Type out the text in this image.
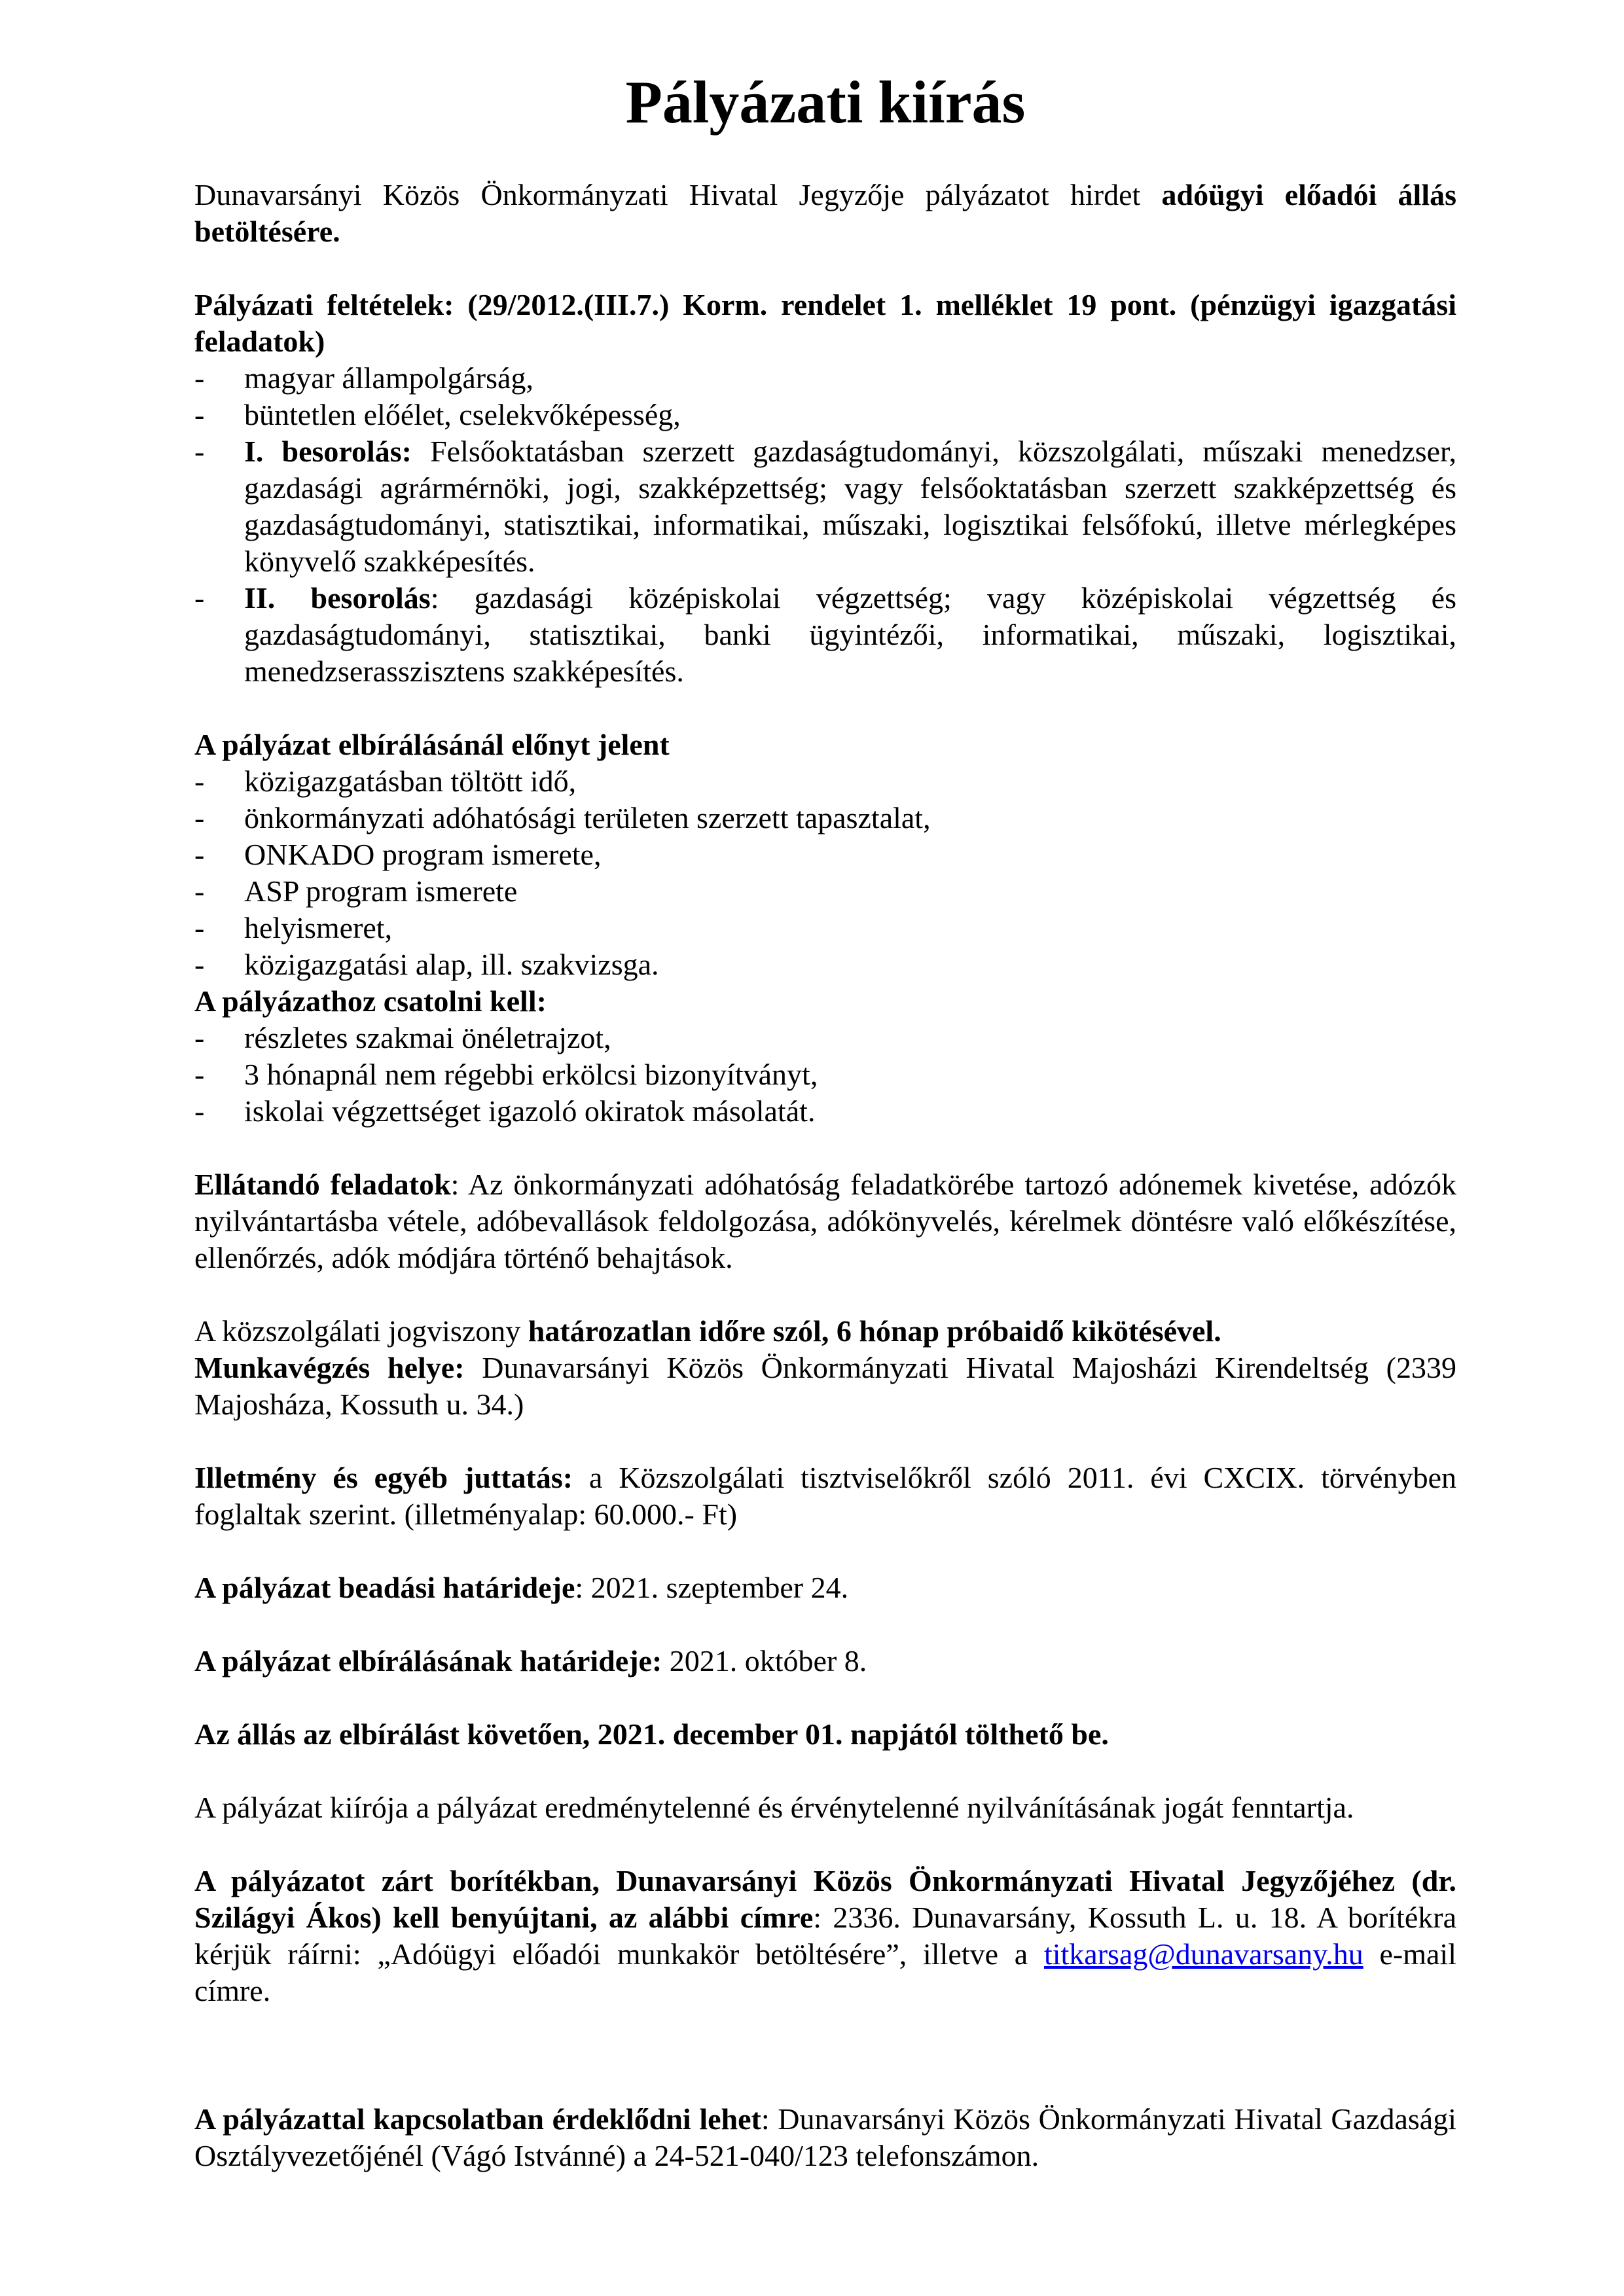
Pályázati kiírás

Dunavarsányi Közös Önkormányzati Hivatal Jegyzője pályázatot hirdet adóügyi előadói állás betöltésére.

Pályázati feltételek: (29/2012.(III.7.) Korm. rendelet 1. melléklet 19 pont. (pénzügyi igazgatási feladatok)

-	magyar állampolgárság,
-	büntetlen előélet, cselekvőképesség,
-	I. besorolás: Felsőoktatásban szerzett gazdaságtudományi, közszolgálati, műszaki menedzser, gazdasági agrármérnöki, jogi, szakképzettség; vagy felsőoktatásban szerzett szakképzettség és gazdaságtudományi, statisztikai, informatikai, műszaki, logisztikai felsőfokú, illetve mérlegképes könyvelő szakképesítés.
-	II. besorolás: gazdasági középiskolai végzettség; vagy középiskolai végzettség és gazdaságtudományi, statisztikai, banki ügyintézői, informatikai, műszaki, logisztikai, menedzserasszisztens szakképesítés.

A pályázat elbírálásánál előnyt jelent

-	közigazgatásban töltött idő,
-	önkormányzati adóhatósági területen szerzett tapasztalat,
-	ONKADO program ismerete,
-	ASP program ismerete
-	helyismeret,
-	közigazgatási alap, ill. szakvizsga.

A pályázathoz csatolni kell:

-	részletes szakmai önéletrajzot,
-	3 hónapnál nem régebbi erkölcsi bizonyítványt,
-	iskolai végzettséget igazoló okiratok másolatát.

Ellátandó feladatok: Az önkormányzati adóhatóság feladatkörébe tartozó adónemek kivetése, adózók nyilvántartásba vétele, adóbevallások feldolgozása, adókönyvelés, kérelmek döntésre való előkészítése, ellenőrzés, adók módjára történő behajtások.

A közszolgálati jogviszony határozatlan időre szól, 6 hónap próbaidő kikötésével.

Munkavégzés helye: Dunavarsányi Közös Önkormányzati Hivatal Majosházi Kirendeltség (2339 Majosháza, Kossuth u. 34.)

Illetmény és egyéb juttatás: a Közszolgálati tisztviselőkről szóló 2011. évi CXCIX. törvényben foglaltak szerint. (illetményalap: 60.000.- Ft)

A pályázat beadási határideje: 2021. szeptember 24.

A pályázat elbírálásának határideje: 2021. október 8.

Az állás az elbírálást követően, 2021. december 01. napjától tölthető be.

A pályázat kiírója a pályázat eredménytelenné és érvénytelenné nyilvánításának jogát fenntartja.

A pályázatot zárt borítékban, Dunavarsányi Közös Önkormányzati Hivatal Jegyzőjéhez (dr. Szilágyi Ákos) kell benyújtani, az alábbi címre: 2336. Dunavarsány, Kossuth L. u. 18. A borítékra kérjük ráírni: „Adóügyi előadói munkakör betöltésére”, illetve a titkarsag@dunavarsany.hu e-mail címre.

A pályázattal kapcsolatban érdeklődni lehet: Dunavarsányi Közös Önkormányzati Hivatal Gazdasági Osztályvezetőjénél (Vágó Istvánné) a 24-521-040/123 telefonszámon.
